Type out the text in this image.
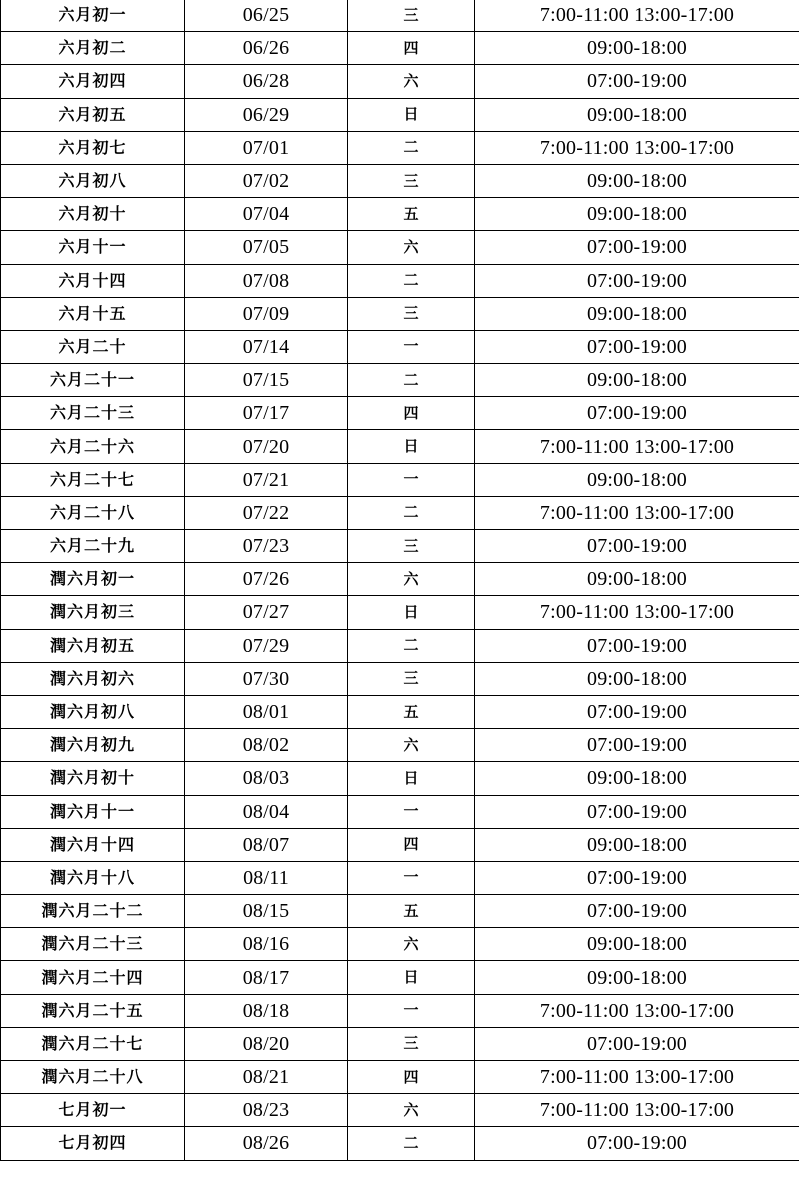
六月初一	06/25	三	7:00-11:00 13:00-17:00
六月初二	06/26	四	09:00-18:00
六月初四	06/28	六	07:00-19:00
六月初五	06/29	日	09:00-18:00
六月初七	07/01	二	7:00-11:00 13:00-17:00
六月初八	07/02	三	09:00-18:00
六月初十	07/04	五	09:00-18:00
六月十一	07/05	六	07:00-19:00
六月十四	07/08	二	07:00-19:00
六月十五	07/09	三	09:00-18:00
六月二十	07/14	一	07:00-19:00
六月二十一	07/15	二	09:00-18:00
六月二十三	07/17	四	07:00-19:00
六月二十六	07/20	日	7:00-11:00 13:00-17:00
六月二十七	07/21	一	09:00-18:00
六月二十八	07/22	二	7:00-11:00 13:00-17:00
六月二十九	07/23	三	07:00-19:00
潤六月初一	07/26	六	09:00-18:00
潤六月初三	07/27	日	7:00-11:00 13:00-17:00
潤六月初五	07/29	二	07:00-19:00
潤六月初六	07/30	三	09:00-18:00
潤六月初八	08/01	五	07:00-19:00
潤六月初九	08/02	六	07:00-19:00
潤六月初十	08/03	日	09:00-18:00
潤六月十一	08/04	一	07:00-19:00
潤六月十四	08/07	四	09:00-18:00
潤六月十八	08/11	一	07:00-19:00
潤六月二十二	08/15	五	07:00-19:00
潤六月二十三	08/16	六	09:00-18:00
潤六月二十四	08/17	日	09:00-18:00
潤六月二十五	08/18	一	7:00-11:00 13:00-17:00
潤六月二十七	08/20	三	07:00-19:00
潤六月二十八	08/21	四	7:00-11:00 13:00-17:00
七月初一	08/23	六	7:00-11:00 13:00-17:00
七月初四	08/26	二	07:00-19:00
